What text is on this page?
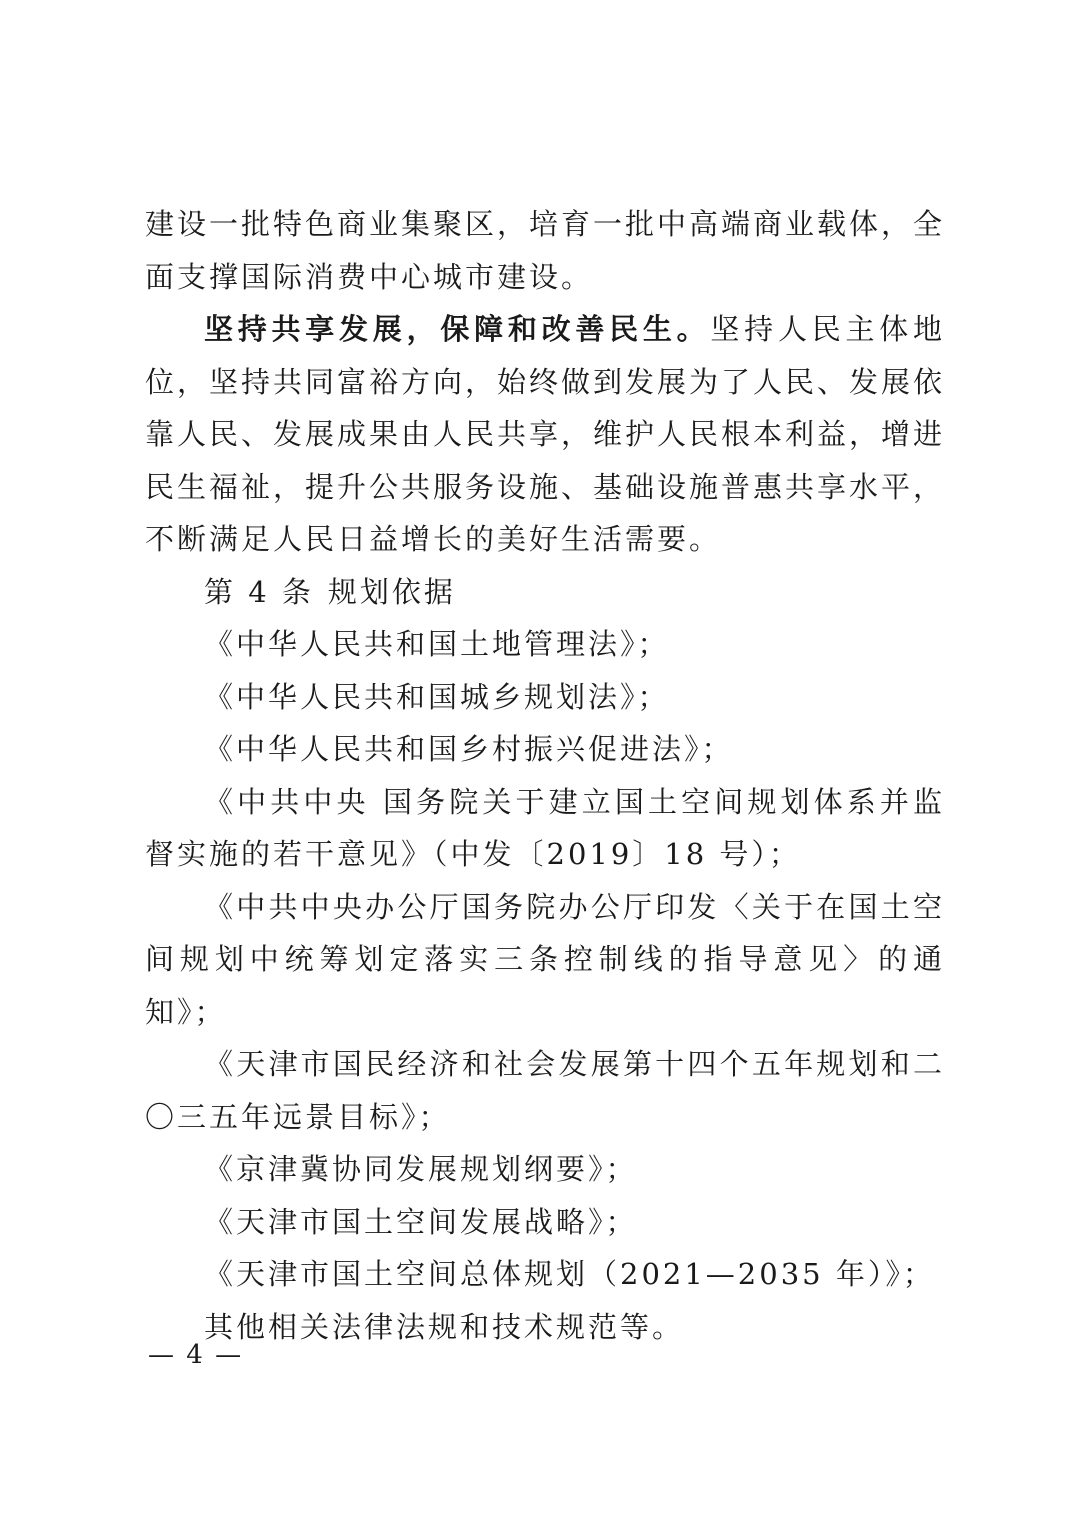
建设一批特色商业集聚区，培育一批中高端商业载体，全面支撑国际消费中心城市建设。

坚持共享发展，保障和改善民生。坚持人民主体地位，坚持共同富裕方向，始终做到发展为了人民、发展依靠人民、发展成果由人民共享，维护人民根本利益，增进民生福祉，提升公共服务设施、基础设施普惠共享水平，不断满足人民日益增长的美好生活需要。

第 4 条 规划依据

《中华人民共和国土地管理法》；

《中华人民共和国城乡规划法》；

《中华人民共和国乡村振兴促进法》；

《中共中央 国务院关于建立国土空间规划体系并监督实施的若干意见》（中发〔2019〕18 号）；

《中共中央办公厅国务院办公厅印发〈关于在国土空间规划中统筹划定落实三条控制线的指导意见〉的通知》；

《天津市国民经济和社会发展第十四个五年规划和二〇三五年远景目标》；

《京津冀协同发展规划纲要》；

《天津市国土空间发展战略》；

《天津市国土空间总体规划（2021—2035 年）》；

其他相关法律法规和技术规范等。

— 4 —
